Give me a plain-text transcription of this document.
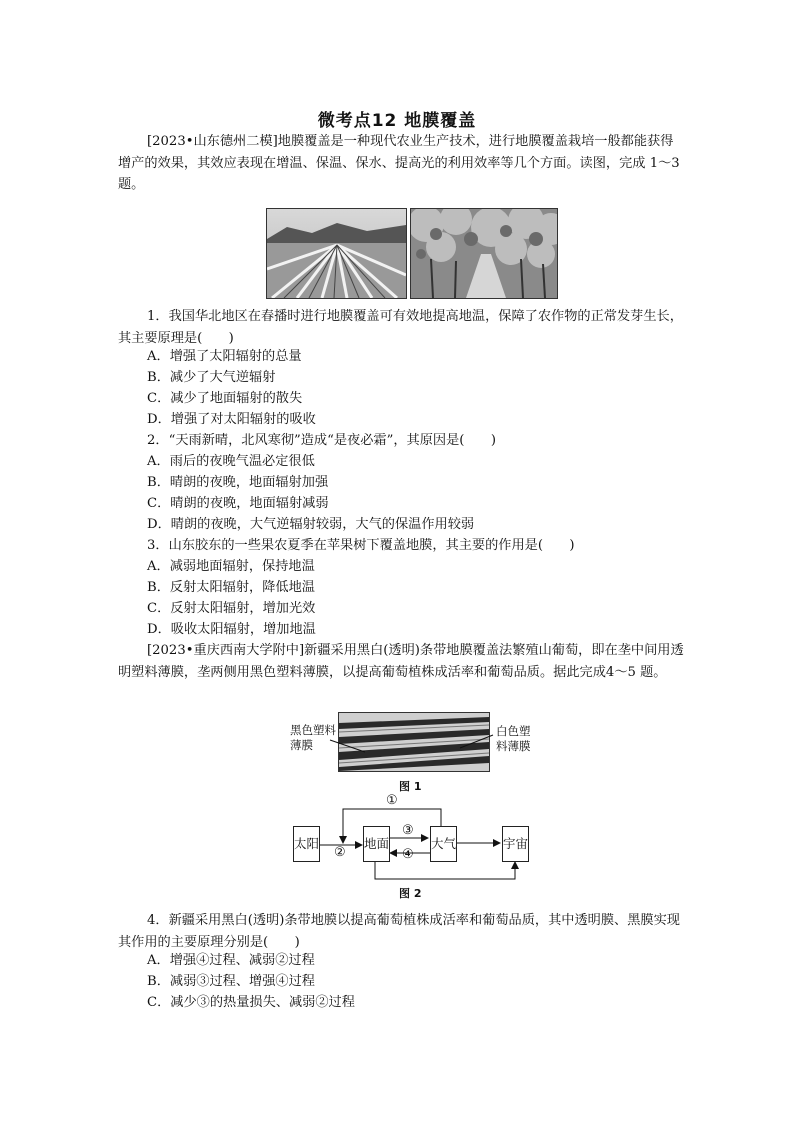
微考点12 地膜覆盖
[2023•山东德州二模]地膜覆盖是一种现代农业生产技术，进行地膜覆盖栽培一般都能获得增产的效果，其效应表现在增温、保温、保水、提高光的利用效率等几个方面。读图，完成 1～3 题。
1．我国华北地区在春播时进行地膜覆盖可有效地提高地温，保障了农作物的正常发芽生长，其主要原理是(　　)
A．增强了太阳辐射的总量
B．减少了大气逆辐射
C．减少了地面辐射的散失
D．增强了对太阳辐射的吸收
2．“天雨新晴，北风寒彻”造成“是夜必霜”，其原因是(　　)
A．雨后的夜晚气温必定很低
B．晴朗的夜晚，地面辐射加强
C．晴朗的夜晚，地面辐射减弱
D．晴朗的夜晚，大气逆辐射较弱，大气的保温作用较弱
3．山东胶东的一些果农夏季在苹果树下覆盖地膜，其主要的作用是(　　)
A．减弱地面辐射，保持地温
B．反射太阳辐射，降低地温
C．反射太阳辐射，增加光效
D．吸收太阳辐射，增加地温
[2023•重庆西南大学附中]新疆采用黑白(透明)条带地膜覆盖法繁殖山葡萄，即在垄中间用透明塑料薄膜，垄两侧用黑色塑料薄膜，以提高葡萄植株成活率和葡萄品质。据此完成4～5 题。
黑色塑料薄膜
白色塑料薄膜
图 1
太阳	地面	大气	宇宙
①
②
③
④
图 2
4．新疆采用黑白(透明)条带地膜以提高葡萄植株成活率和葡萄品质，其中透明膜、黑膜实现其作用的主要原理分别是(　　)
A．增强④过程、减弱②过程
B．减弱③过程、增强④过程
C．减少③的热量损失、减弱②过程
